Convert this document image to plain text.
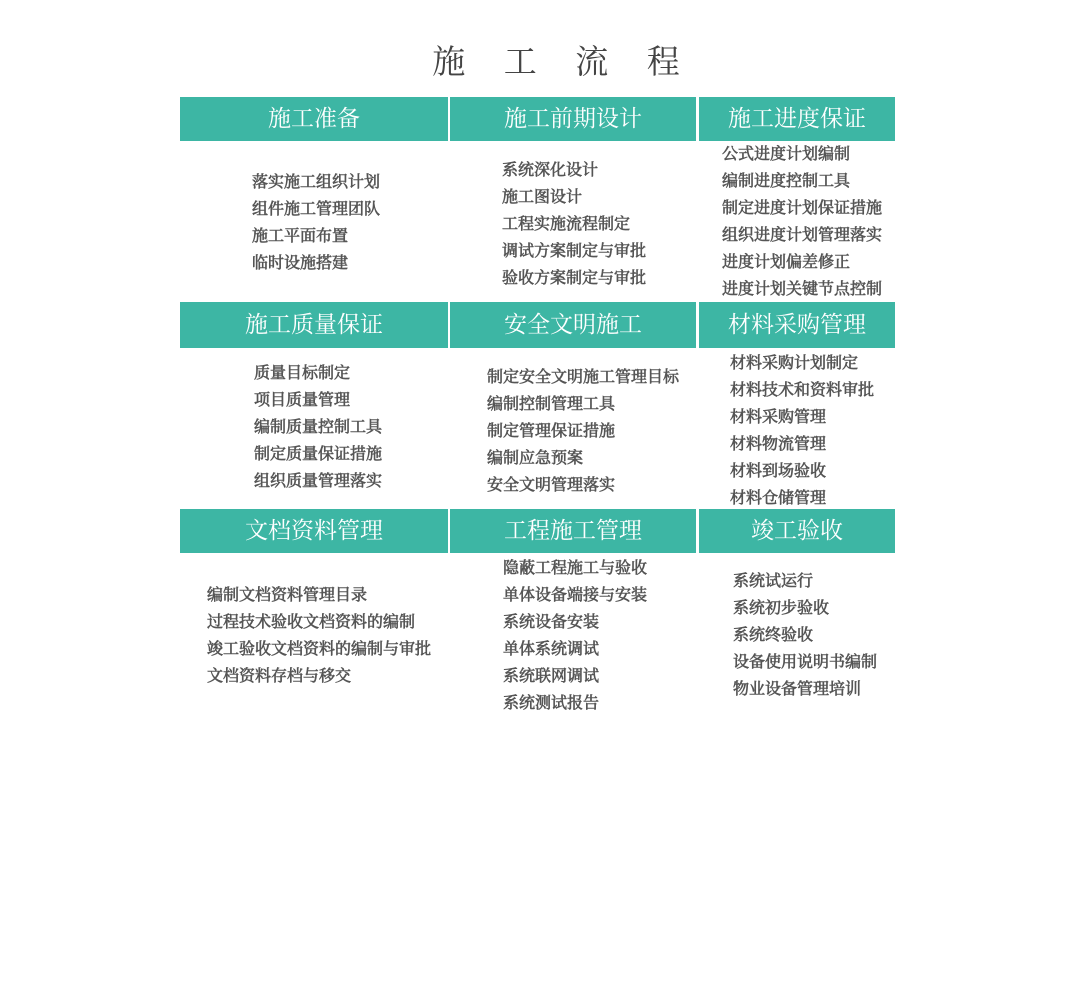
施 工 流 程
施工准备
落实施工组织计划
组件施工管理团队
施工平面布置
临时设施搭建
施工前期设计
系统深化设计
施工图设计
工程实施流程制定
调试方案制定与审批
验收方案制定与审批
施工进度保证
公式进度计划编制
编制进度控制工具
制定进度计划保证措施
组织进度计划管理落实
进度计划偏差修正
进度计划关键节点控制
施工质量保证
质量目标制定
项目质量管理
编制质量控制工具
制定质量保证措施
组织质量管理落实
安全文明施工
制定安全文明施工管理目标
编制控制管理工具
制定管理保证措施
编制应急预案
安全文明管理落实
材料采购管理
材料采购计划制定
材料技术和资料审批
材料采购管理
材料物流管理
材料到场验收
材料仓储管理
文档资料管理
编制文档资料管理目录
过程技术验收文档资料的编制
竣工验收文档资料的编制与审批
文档资料存档与移交
工程施工管理
隐蔽工程施工与验收
单体设备端接与安装
系统设备安装
单体系统调试
系统联网调试
系统测试报告
竣工验收
系统试运行
系统初步验收
系统终验收
设备使用说明书编制
物业设备管理培训
